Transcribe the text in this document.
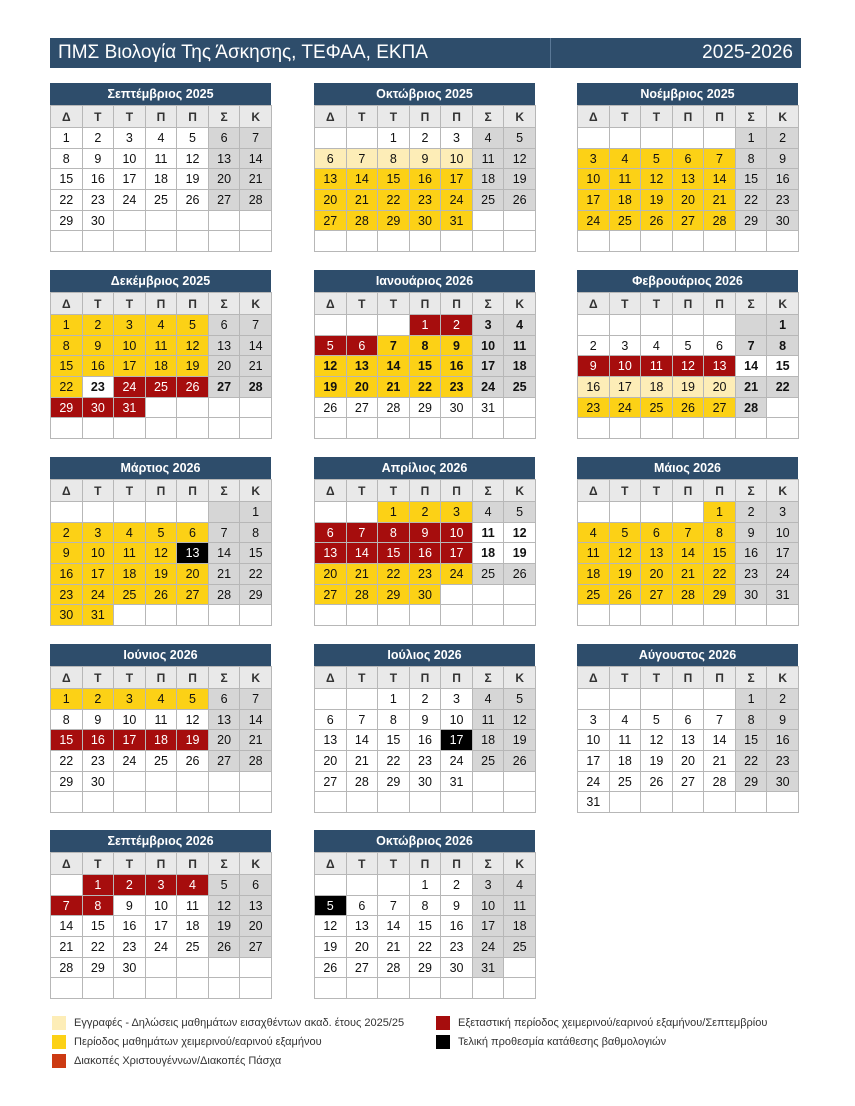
ΠΜΣ Βιολογία Της Άσκησης, ΤΕΦΑΑ, ΕΚΠΑ	2025-2026
Σεπτέμβριος 2025
Δ	Τ	Τ	Π	Π	Σ	Κ
1	2	3	4	5	6	7
8	9	10	11	12	13	14
15	16	17	18	19	20	21
22	23	24	25	26	27	28
29	30					

Οκτώβριος 2025
Δ	Τ	Τ	Π	Π	Σ	Κ
		1	2	3	4	5
6	7	8	9	10	11	12
13	14	15	16	17	18	19
20	21	22	23	24	25	26
27	28	29	30	31		

Νοέμβριος 2025
Δ	Τ	Τ	Π	Π	Σ	Κ
					1	2
3	4	5	6	7	8	9
10	11	12	13	14	15	16
17	18	19	20	21	22	23
24	25	26	27	28	29	30

Δεκέμβριος 2025
Δ	Τ	Τ	Π	Π	Σ	Κ
1	2	3	4	5	6	7
8	9	10	11	12	13	14
15	16	17	18	19	20	21
22	23	24	25	26	27	28
29	30	31				

Ιανουάριος 2026
Δ	Τ	Τ	Π	Π	Σ	Κ
			1	2	3	4
5	6	7	8	9	10	11
12	13	14	15	16	17	18
19	20	21	22	23	24	25
26	27	28	29	30	31	

Φεβρουάριος 2026
Δ	Τ	Τ	Π	Π	Σ	Κ
						1
2	3	4	5	6	7	8
9	10	11	12	13	14	15
16	17	18	19	20	21	22
23	24	25	26	27	28	

Μάρτιος 2026
Δ	Τ	Τ	Π	Π	Σ	Κ
						1
2	3	4	5	6	7	8
9	10	11	12	13	14	15
16	17	18	19	20	21	22
23	24	25	26	27	28	29
30	31					
Απρίλιος 2026
Δ	Τ	Τ	Π	Π	Σ	Κ
		1	2	3	4	5
6	7	8	9	10	11	12
13	14	15	16	17	18	19
20	21	22	23	24	25	26
27	28	29	30			

Μάιος 2026
Δ	Τ	Τ	Π	Π	Σ	Κ
				1	2	3
4	5	6	7	8	9	10
11	12	13	14	15	16	17
18	19	20	21	22	23	24
25	26	27	28	29	30	31

Ιούνιος 2026
Δ	Τ	Τ	Π	Π	Σ	Κ
1	2	3	4	5	6	7
8	9	10	11	12	13	14
15	16	17	18	19	20	21
22	23	24	25	26	27	28
29	30					

Ιούλιος 2026
Δ	Τ	Τ	Π	Π	Σ	Κ
		1	2	3	4	5
6	7	8	9	10	11	12
13	14	15	16	17	18	19
20	21	22	23	24	25	26
27	28	29	30	31		

Αύγουστος 2026
Δ	Τ	Τ	Π	Π	Σ	Κ
					1	2
3	4	5	6	7	8	9
10	11	12	13	14	15	16
17	18	19	20	21	22	23
24	25	26	27	28	29	30
31						
Σεπτέμβριος 2026
Δ	Τ	Τ	Π	Π	Σ	Κ
	1	2	3	4	5	6
7	8	9	10	11	12	13
14	15	16	17	18	19	20
21	22	23	24	25	26	27
28	29	30				

Οκτώβριος 2026
Δ	Τ	Τ	Π	Π	Σ	Κ
			1	2	3	4
5	6	7	8	9	10	11
12	13	14	15	16	17	18
19	20	21	22	23	24	25
26	27	28	29	30	31	

Εγγραφές - Δηλώσεις μαθημάτων εισαχθέντων ακαδ. έτους 2025/25
Περίοδος μαθημάτων χειμερινού/εαρινού εξαμήνου
Διακοπές Χριστουγέννων/Διακοπές Πάσχα
Εξεταστική περίοδος χειμερινού/εαρινού εξαμήνου/Σεπτεμβρίου
Τελική προθεσμία κατάθεσης βαθμολογιών
